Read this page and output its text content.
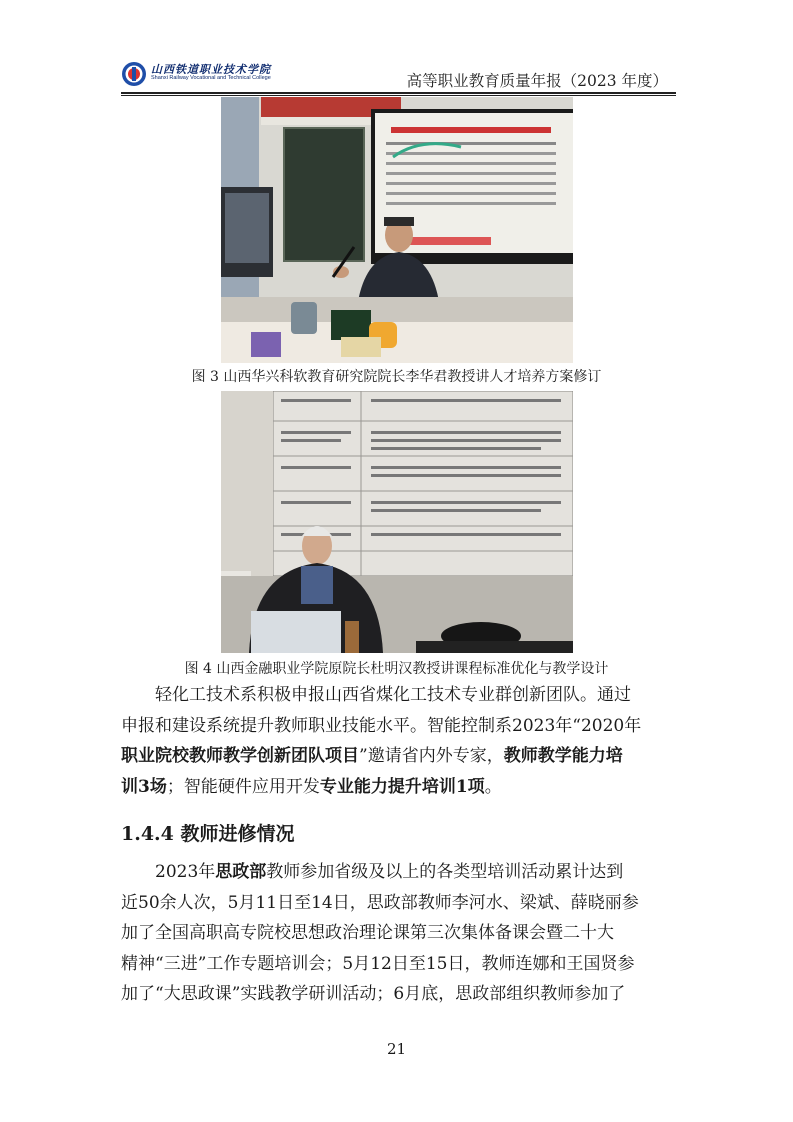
山西铁道职业技术学院
Shanxi Railway Vocational and Technical College	高等职业教育质量年报（2023 年度）
图 3 山西华兴科软教育研究院院长李华君教授讲人才培养方案修订
图 4 山西金融职业学院原院长杜明汉教授讲课程标准优化与教学设计
轻化工技术系积极申报山西省煤化工技术专业群创新团队。通过
申报和建设系统提升教师职业技能水平。智能控制系2023年“2020年
职业院校教师教学创新团队项目”邀请省内外专家，教师教学能力培
训3场；智能硬件应用开发专业能力提升培训1项。
1.4.4 教师进修情况
2023年思政部教师参加省级及以上的各类型培训活动累计达到
近50余人次，5月11日至14日，思政部教师李河水、梁斌、薛晓丽参
加了全国高职高专院校思想政治理论课第三次集体备课会暨二十大
精神“三进”工作专题培训会；5月12日至15日，教师连娜和王国贤参
加了“大思政课”实践教学研训活动；6月底，思政部组织教师参加了
21
